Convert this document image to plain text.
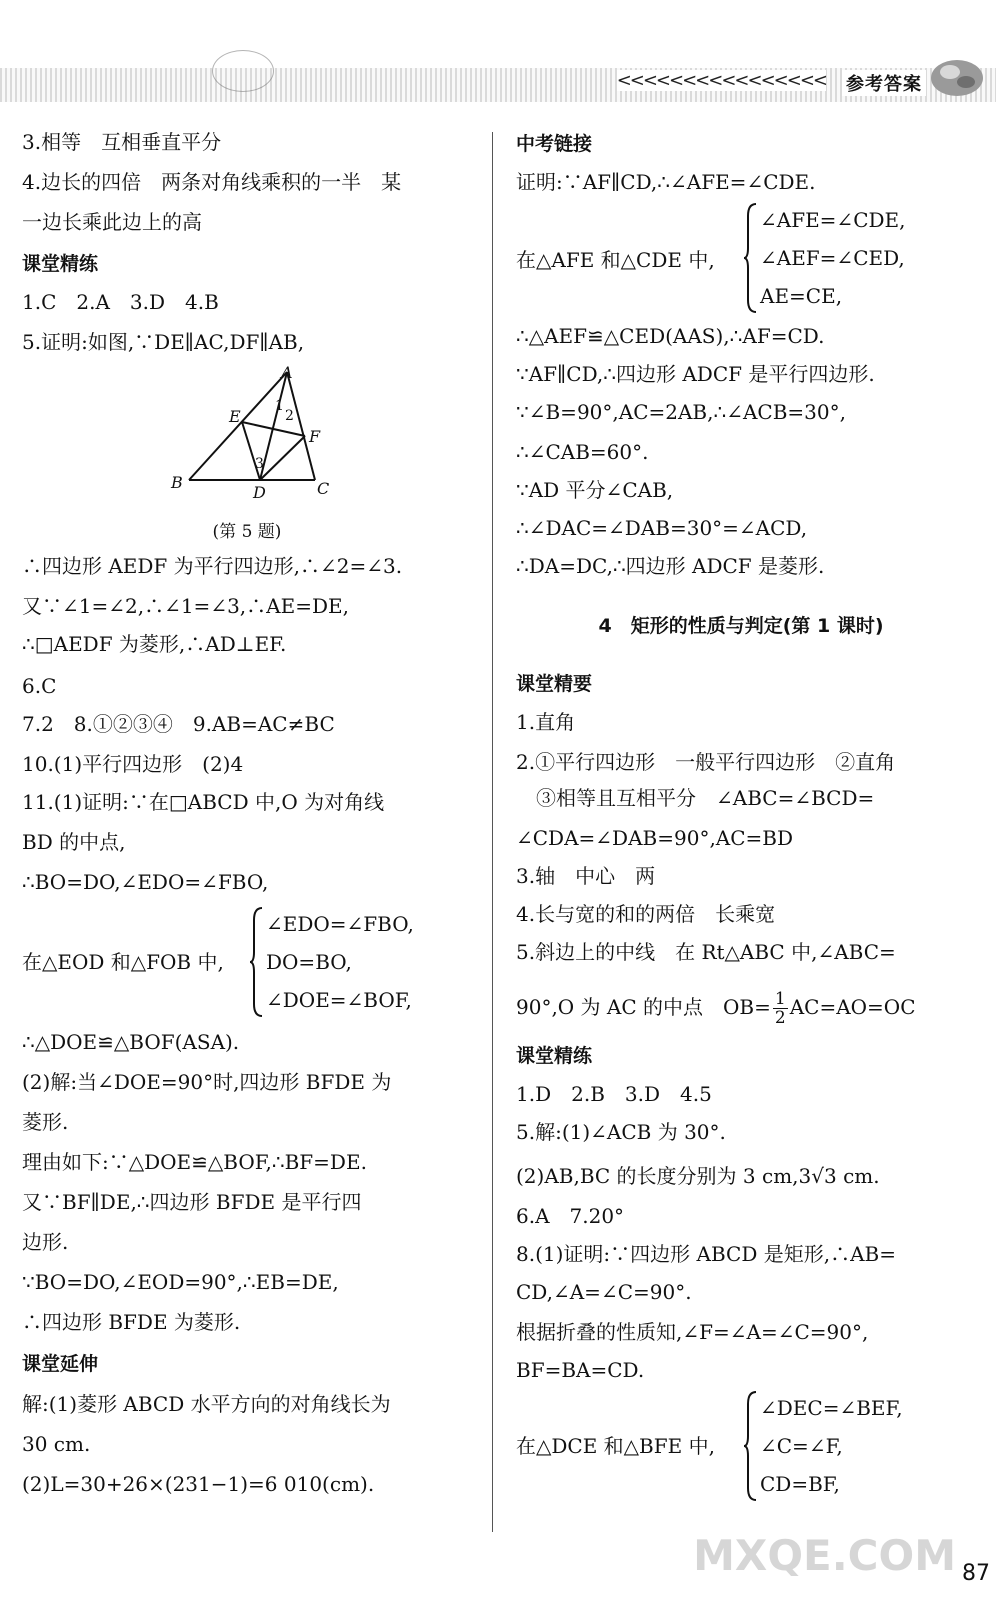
<<<<<<<<<<<<<<<< 参考答案
3.相等　互相垂直平分
4.边长的四倍　两条对角线乘积的一半　某
一边长乘此边上的高
课堂精练
1.C　2.A　3.D　4.B
5.证明:如图,∵DE∥AC,DF∥AB,
A
B	C
D
E
F
1
2
3
(第 5 题)
∴四边形 AEDF 为平行四边形,∴∠2=∠3.
又∵∠1=∠2,∴∠1=∠3,∴AE=DE,
∴□AEDF 为菱形,∴AD⊥EF.
6.C
7.2　8.①②③④　9.AB=AC≠BC
10.(1)平行四边形　(2)4
11.(1)证明:∵在□ABCD 中,O 为对角线
BD 的中点,
∴BO=DO,∠EDO=∠FBO,
在△EOD 和△FOB 中,
∠EDO=∠FBO,
DO=BO,
∠DOE=∠BOF,
∴△DOE≌△BOF(ASA).
(2)解:当∠DOE=90°时,四边形 BFDE 为
菱形.
理由如下:∵△DOE≌△BOF,∴BF=DE.
又∵BF∥DE,∴四边形 BFDE 是平行四
边形.
∵BO=DO,∠EOD=90°,∴EB=DE,
∴四边形 BFDE 为菱形.
课堂延伸
解:(1)菱形 ABCD 水平方向的对角线长为
30 cm.
(2)L=30+26×(231−1)=6 010(cm).
中考链接
证明:∵AF∥CD,∴∠AFE=∠CDE.
在△AFE 和△CDE 中,
∠AFE=∠CDE,
∠AEF=∠CED,
AE=CE,
∴△AEF≌△CED(AAS),∴AF=CD.
∵AF∥CD,∴四边形 ADCF 是平行四边形.
∵∠B=90°,AC=2AB,∴∠ACB=30°,
∴∠CAB=60°.
∵AD 平分∠CAB,
∴∠DAC=∠DAB=30°=∠ACD,
∴DA=DC,∴四边形 ADCF 是菱形.
4　矩形的性质与判定(第 1 课时)
课堂精要
1.直角
2.①平行四边形　一般平行四边形　②直角
③相等且互相平分　∠ABC=∠BCD=
∠CDA=∠DAB=90°,AC=BD
3.轴　中心　两
4.长与宽的和的两倍　长乘宽
5.斜边上的中线　在 Rt△ABC 中,∠ABC=
90°,O 为 AC 的中点　$OB= \frac{1}{2} AC=AO=OC$
课堂精练
1.D　2.B　3.D　4.5
5.解:(1)∠ACB 为 30°.
(2)AB,BC 的长度分别为 3 cm,3√3 cm.
6.A　7.20°
8.(1)证明:∵四边形 ABCD 是矩形,∴AB=
CD,∠A=∠C=90°.
根据折叠的性质知,∠F=∠A=∠C=90°,
BF=BA=CD.
在△DCE 和△BFE 中,
∠DEC=∠BEF,
∠C=∠F,
CD=BF,
MXQE.COM 87
